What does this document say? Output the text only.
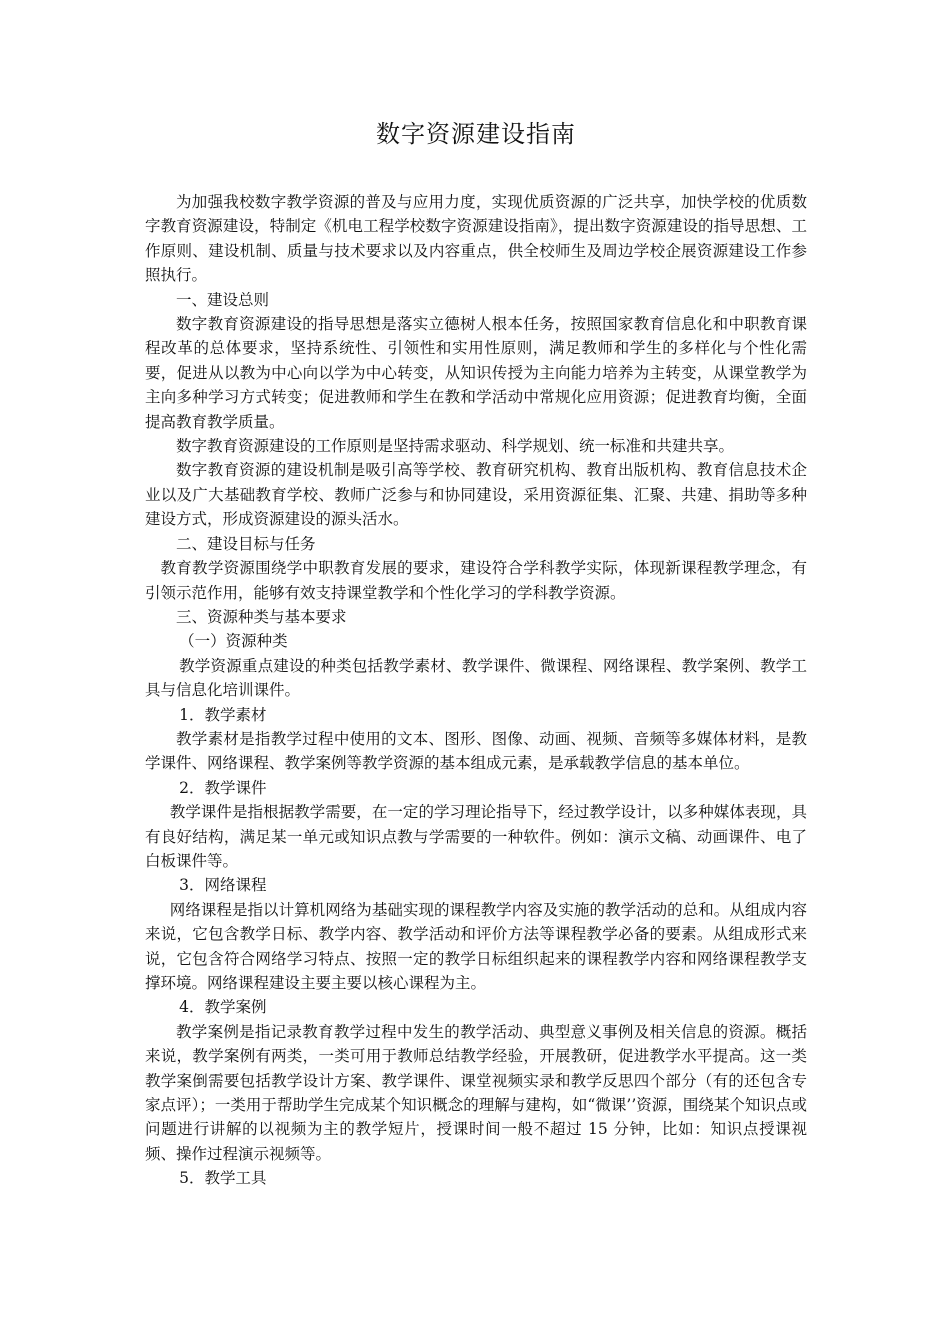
数字资源建设指南

为加强我校数字教学资源的普及与应用力度，实现优质资源的广泛共享，加快学校的优质数字教育资源建设，特制定《机电工程学校数字资源建设指南》，提出数字资源建设的指导思想、工作原则、建设机制、质量与技术要求以及内容重点，供全校师生及周边学校企展资源建设工作参照执行。

一、建设总则

数字教育资源建设的指导思想是落实立德树人根本任务，按照国家教育信息化和中职教育课程改革的总体要求，坚持系统性、引领性和实用性原则，满足教师和学生的多样化与个性化需要，促进从以教为中心向以学为中心转变，从知识传授为主向能力培养为主转变，从课堂教学为主向多种学习方式转变；促进教师和学生在教和学活动中常规化应用资源；促进教育均衡，全面提高教育教学质量。

数字教育资源建设的工作原则是坚持需求驱动、科学规划、统一标准和共建共享。

数字教育资源的建设机制是吸引高等学校、教育研究机构、教育出版机构、教育信息技术企业以及广大基础教育学校、教师广泛参与和协同建设，采用资源征集、汇聚、共建、捐助等多种建设方式，形成资源建设的源头活水。

二、建设目标与任务

教育教学资源围绕学中职教育发展的要求，建设符合学科教学实际，体现新课程教学理念，有引领示范作用，能够有效支持课堂教学和个性化学习的学科教学资源。

三、资源种类与基本要求

（一）资源种类

教学资源重点建设的种类包括教学素材、教学课件、微课程、网络课程、教学案例、教学工具与信息化培训课件。

1．教学素材

教学素材是指教学过程中使用的文本、图形、图像、动画、视频、音频等多媒体材料，是教学课件、网络课程、教学案例等教学资源的基本组成元素，是承载教学信息的基本单位。

2．教学课件

教学课件是指根据教学需要，在一定的学习理论指导下，经过教学设计，以多种媒体表现，具有良好结构，满足某一单元或知识点教与学需要的一种软件。例如：演示文稿、动画课件、电了白板课件等。

3．网络课程

网络课程是指以计算机网络为基础实现的课程教学内容及实施的教学活动的总和。从组成内容来说，它包含教学日标、教学内容、教学活动和评价方法等课程教学必备的要素。从组成形式来说，它包含符合网络学习特点、按照一定的教学日标组织起来的课程教学内容和网络课程教学支撑环境。网络课程建设主要主要以核心课程为主。

4．教学案例

教学案例是指记录教育教学过程中发生的教学活动、典型意义事例及相关信息的资源。概括来说，教学案例有两类，一类可用于教师总结教学经验，开展教研，促进教学水平提高。这一类教学案倒需要包括教学设计方案、教学课件、课堂视频实录和教学反思四个部分（有的还包含专家点评）；一类用于帮助学生完成某个知识概念的理解与建构，如“微课’’资源，围绕某个知识点或问题进行讲解的以视频为主的教学短片，授课时间一般不超过 15 分钟，比如：知识点授课视频、操作过程演示视频等。

5．教学工具
